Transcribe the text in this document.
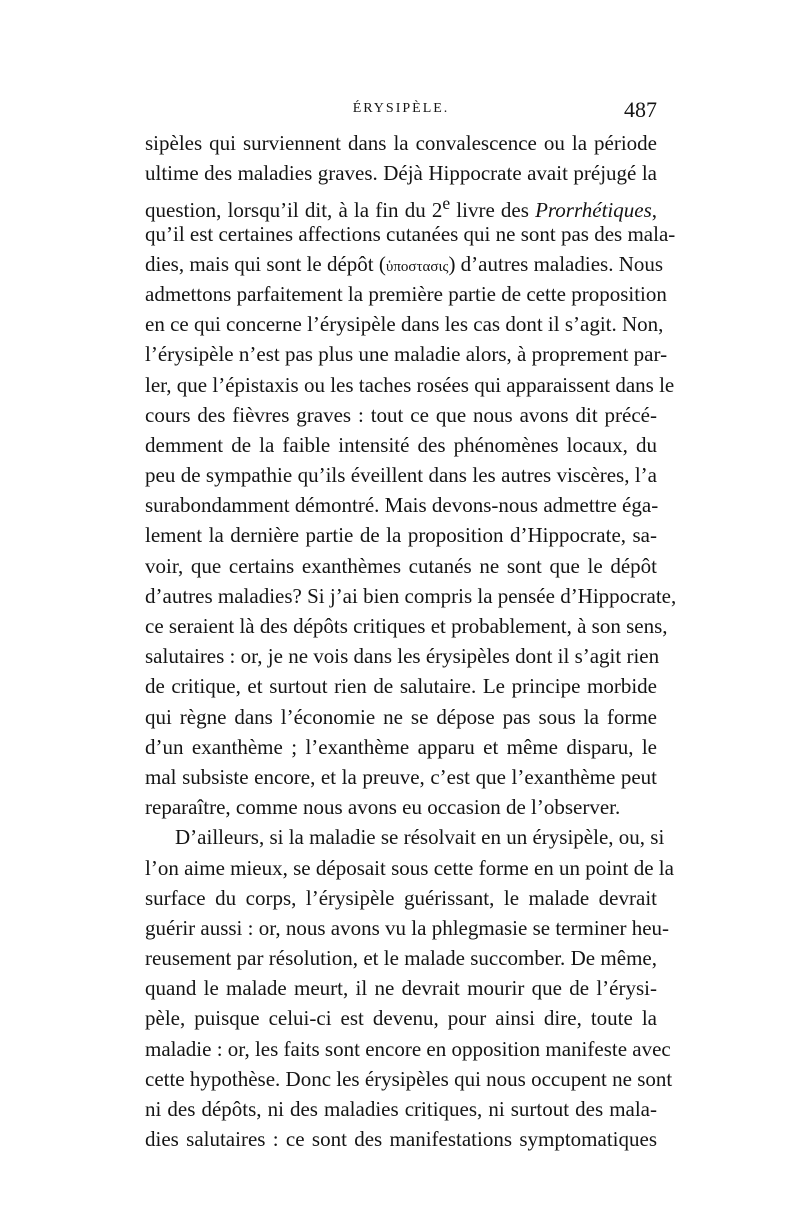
ÉRYSIPÈLE.	487
sipèles qui surviennent dans la convalescence ou la période
ultime des maladies graves. Déjà Hippocrate avait préjugé la
question, lorsqu’il dit, à la fin du 2e livre des Prorrhétiques,
qu’il est certaines affections cutanées qui ne sont pas des mala-
dies, mais qui sont le dépôt (ὑποστασις) d’autres maladies. Nous
admettons parfaitement la première partie de cette proposition
en ce qui concerne l’érysipèle dans les cas dont il s’agit. Non,
l’érysipèle n’est pas plus une maladie alors, à proprement par-
ler, que l’épistaxis ou les taches rosées qui apparaissent dans le
cours des fièvres graves : tout ce que nous avons dit précé-
demment de la faible intensité des phénomènes locaux, du
peu de sympathie qu’ils éveillent dans les autres viscères, l’a
surabondamment démontré. Mais devons-nous admettre éga-
lement la dernière partie de la proposition d’Hippocrate, sa-
voir, que certains exanthèmes cutanés ne sont que le dépôt
d’autres maladies? Si j’ai bien compris la pensée d’Hippocrate,
ce seraient là des dépôts critiques et probablement, à son sens,
salutaires : or, je ne vois dans les érysipèles dont il s’agit rien
de critique, et surtout rien de salutaire. Le principe morbide
qui règne dans l’économie ne se dépose pas sous la forme
d’un exanthème ; l’exanthème apparu et même disparu, le
mal subsiste encore, et la preuve, c’est que l’exanthème peut
reparaître, comme nous avons eu occasion de l’observer.
D’ailleurs, si la maladie se résolvait en un érysipèle, ou, si
l’on aime mieux, se déposait sous cette forme en un point de la
surface du corps, l’érysipèle guérissant, le malade devrait
guérir aussi : or, nous avons vu la phlegmasie se terminer heu-
reusement par résolution, et le malade succomber. De même,
quand le malade meurt, il ne devrait mourir que de l’érysi-
pèle, puisque celui-ci est devenu, pour ainsi dire, toute la
maladie : or, les faits sont encore en opposition manifeste avec
cette hypothèse. Donc les érysipèles qui nous occupent ne sont
ni des dépôts, ni des maladies critiques, ni surtout des mala-
dies salutaires : ce sont des manifestations symptomatiques
